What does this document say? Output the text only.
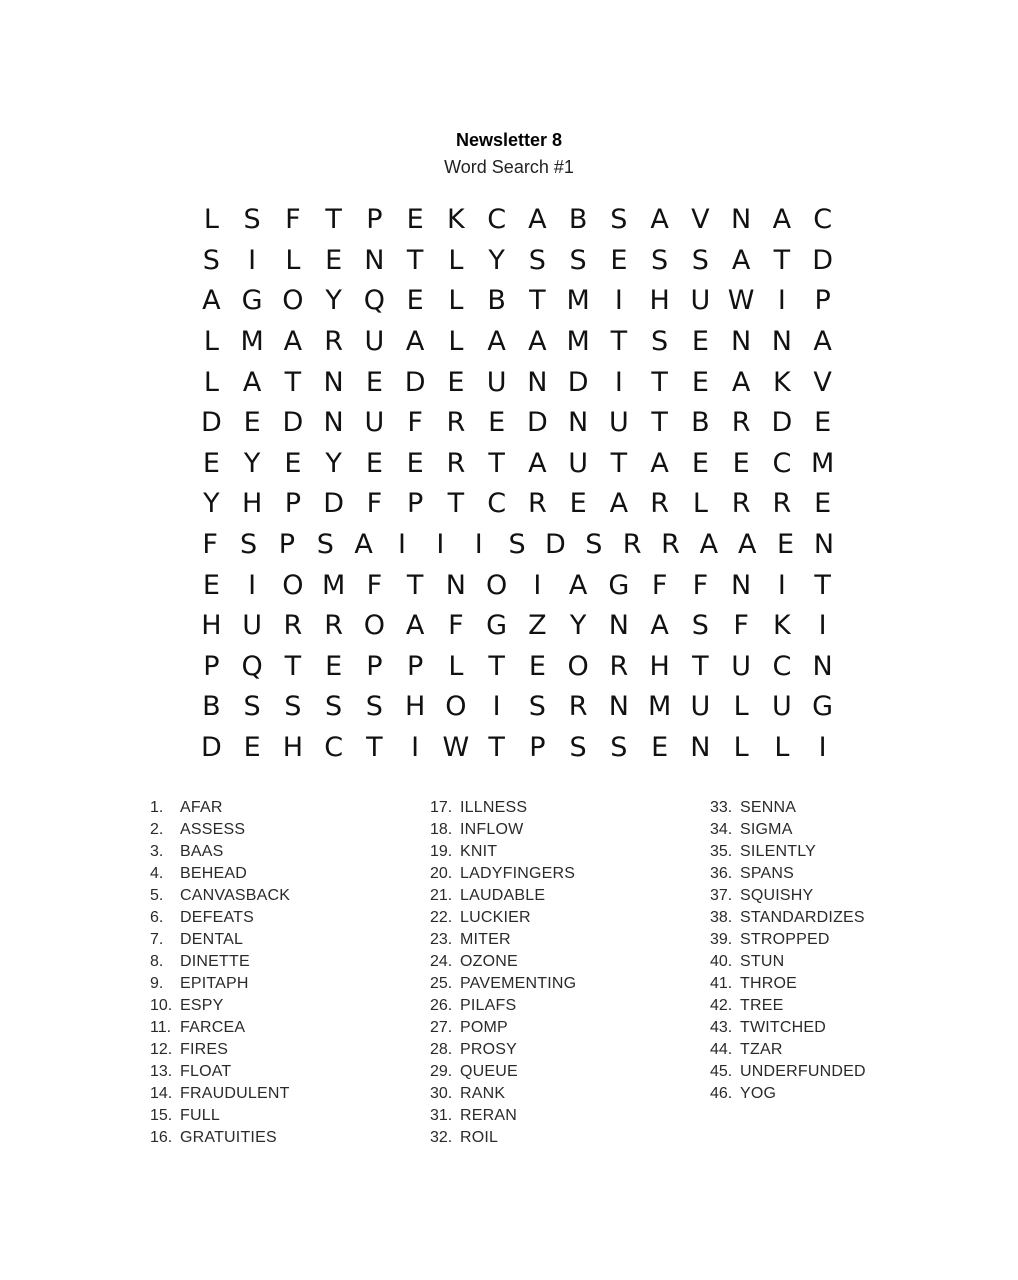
Newsletter 8
Word Search #1
L S F T P E K C A B S A V N A C
S	I	L E N T L Y S S E S S A T D
A G O Y Q E L B T M I H U W I	P
L M A R U A L A A M T S E N N A
L A T N E D E U N D I	T E A K V
D E D N U F R E D N U T B R D E
E Y E Y E E R T A U T A E E C M
Y H P D F P T C R E A R L R R E
F S P S A I	I	I S D S R R A A E N
E	I O M F T N O I	A G F F N I	T
H U R R O A F G Z Y N A S F K	I
P Q T E P P L T E O R H T U C N
B S S S S H O I	S R N M U L U G
D E H C T	I W T P S S E N L L	I
1.	AFAR
2.	ASSESS
3.	BAAS
4.	BEHEAD
5.	CANVASBACK
6.	DEFEATS
7.	DENTAL
8.	DINETTE
9.	EPITAPH
10. ESPY
11. FARCEA
12. FIRES
13. FLOAT
14. FRAUDULENT
15. FULL
16. GRATUITIES
17. ILLNESS
18. INFLOW
19. KNIT
20. LADYFINGERS
21. LAUDABLE
22. LUCKIER
23. MITER
24. OZONE
25. PAVEMENTING
26. PILAFS
27. POMP
28. PROSY
29. QUEUE
30. RANK
31. RERAN
32. ROIL
33. SENNA
34. SIGMA
35. SILENTLY
36. SPANS
37. SQUISHY
38. STANDARDIZES
39. STROPPED
40. STUN
41. THROE
42. TREE
43. TWITCHED
44. TZAR
45. UNDERFUNDED
46. YOG
